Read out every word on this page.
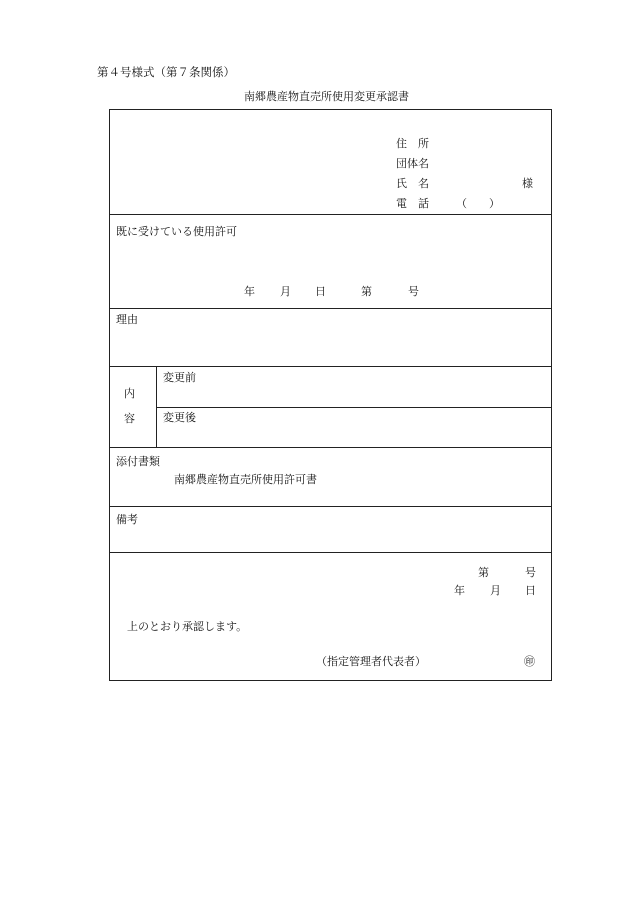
第４号様式（第７条関係）
南郷農産物直売所使用変更承認書
住　所
団体名
氏　名	様
電　話 （　　）
既に受けている使用許可
年 月 日	第	号
理由
内
容
変更前
変更後
添付書類
南郷農産物直売所使用許可書
備考
第	号
年 月 日
上のとおり承認します。
（指定管理者代表者）	㊞
